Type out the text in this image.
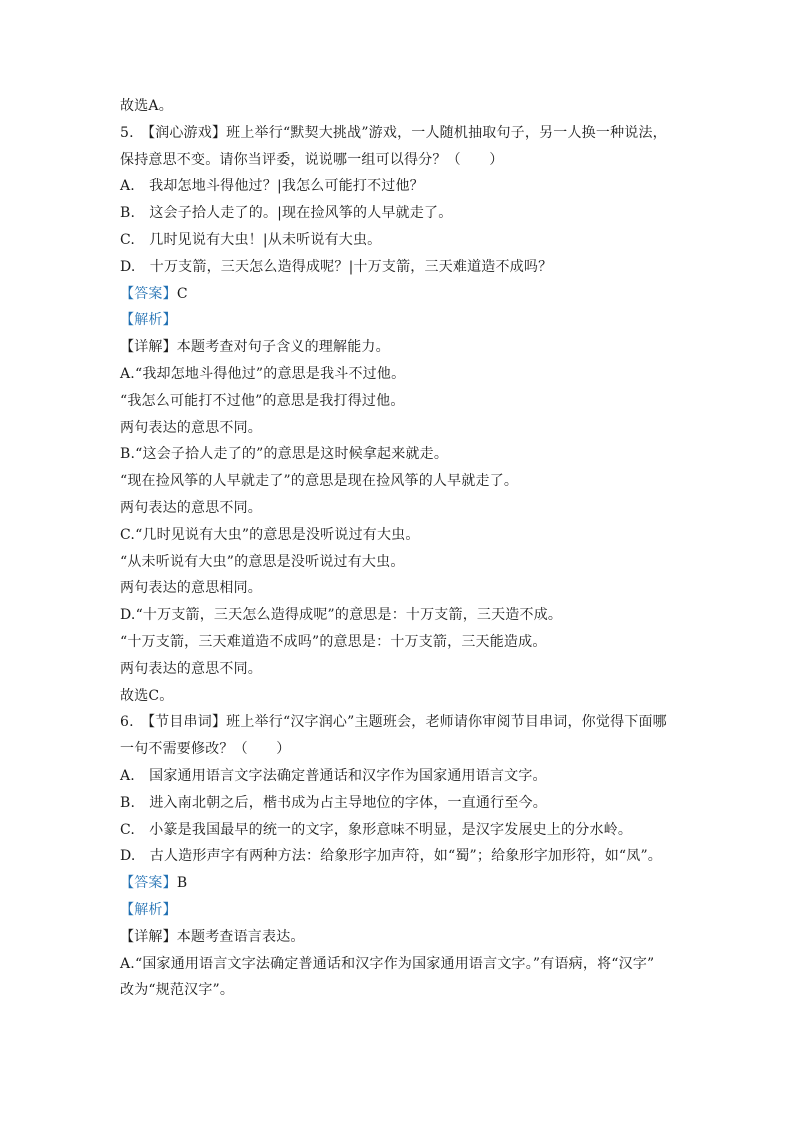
故选A。
5.　【润心游戏】班上举行“默契大挑战”游戏，一人随机抽取句子，另一人换一种说法，
保持意思不变。请你当评委，说说哪一组可以得分？（　　）
A.　我却怎地斗得他过？|我怎么可能打不过他？
B.　这会子拾人走了的。|现在捡风筝的人早就走了。
C.　几时见说有大虫！|从未听说有大虫。
D.　十万支箭，三天怎么造得成呢？|十万支箭，三天难道造不成吗？
【答案】C
【解析】
【详解】本题考查对句子含义的理解能力。
A.“我却怎地斗得他过”的意思是我斗不过他。
“我怎么可能打不过他”的意思是我打得过他。
两句表达的意思不同。
B.“这会子拾人走了的”的意思是这时候拿起来就走。
“现在捡风筝的人早就走了”的意思是现在捡风筝的人早就走了。
两句表达的意思不同。
C.“几时见说有大虫”的意思是没听说过有大虫。
“从未听说有大虫”的意思是没听说过有大虫。
两句表达的意思相同。
D.“十万支箭，三天怎么造得成呢”的意思是：十万支箭，三天造不成。
“十万支箭，三天难道造不成吗”的意思是：十万支箭，三天能造成。
两句表达的意思不同。
故选C。
6.　【节目串词】班上举行“汉字润心”主题班会，老师请你审阅节目串词，你觉得下面哪
一句不需要修改？（　　）
A.　国家通用语言文字法确定普通话和汉字作为国家通用语言文字。
B.　进入南北朝之后，楷书成为占主导地位的字体，一直通行至今。
C.　小篆是我国最早的统一的文字，象形意味不明显，是汉字发展史上的分水岭。
D.　古人造形声字有两种方法：给象形字加声符，如“蜀”；给象形字加形符，如“凤”。
【答案】B
【解析】
【详解】本题考查语言表达。
A.“国家通用语言文字法确定普通话和汉字作为国家通用语言文字。”有语病，将“汉字”
改为“规范汉字”。
